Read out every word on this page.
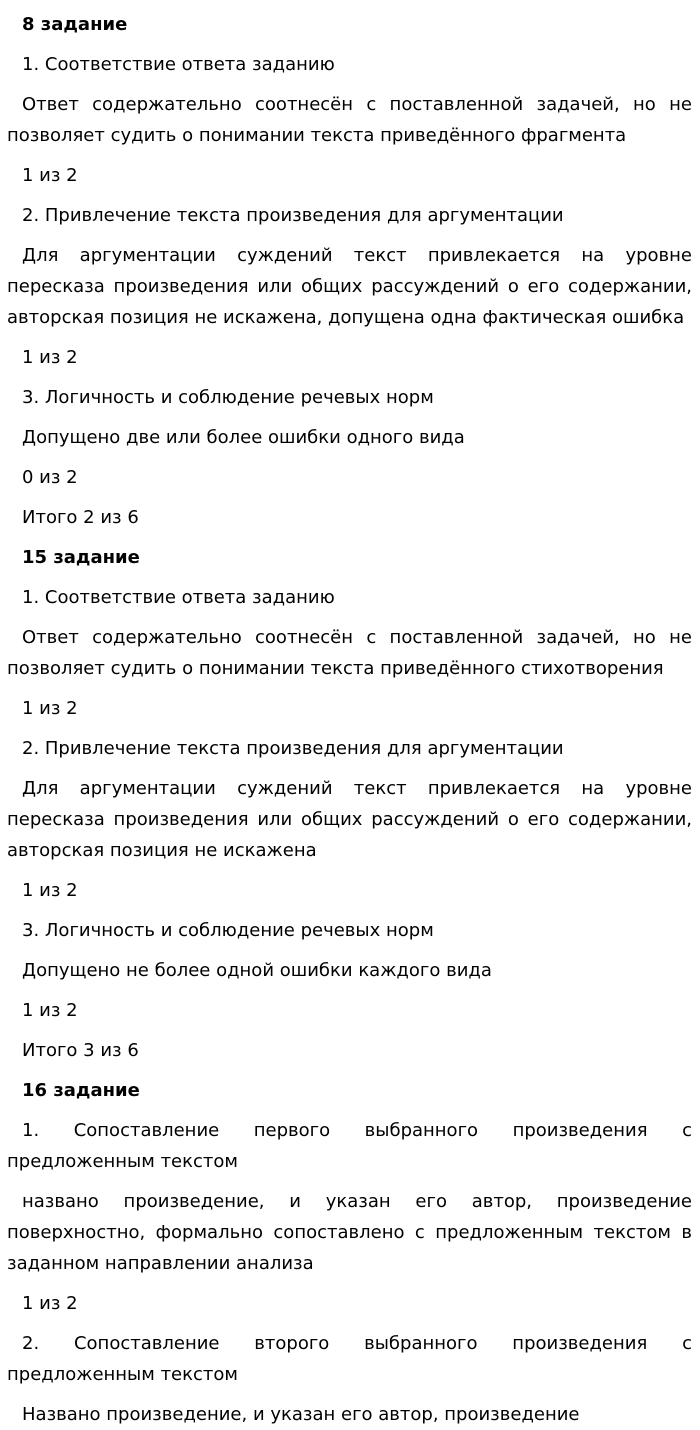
8 задание

1. Соответствие ответа заданию

Ответ содержательно соотнесён с поставленной задачей, но не позволяет судить о понимании текста приведённого фрагмента

1 из 2

2. Привлечение текста произведения для аргументации

Для аргументации суждений текст привлекается на уровне пересказа произведения или общих рассуждений о его содержании, авторская позиция не искажена, допущена одна фактическая ошибка

1 из 2

3. Логичность и соблюдение речевых норм

Допущено две или более ошибки одного вида

0 из 2

Итого 2 из 6

15 задание

1. Соответствие ответа заданию

Ответ содержательно соотнесён с поставленной задачей, но не позволяет судить о понимании текста приведённого стихотворения

1 из 2

2. Привлечение текста произведения для аргументации

Для аргументации суждений текст привлекается на уровне пересказа произведения или общих рассуждений о его содержании, авторская позиция не искажена

1 из 2

3. Логичность и соблюдение речевых норм

Допущено не более одной ошибки каждого вида

1 из 2

Итого 3 из 6

16 задание

1. Сопоставление первого выбранного произведения с предложенным текстом

названо произведение, и указан его автор, произведение поверхностно, формально сопоставлено с предложенным текстом в заданном направлении анализа

1 из 2

2. Сопоставление второго выбранного произведения с предложенным текстом

Названо произведение, и указан его автор, произведение
